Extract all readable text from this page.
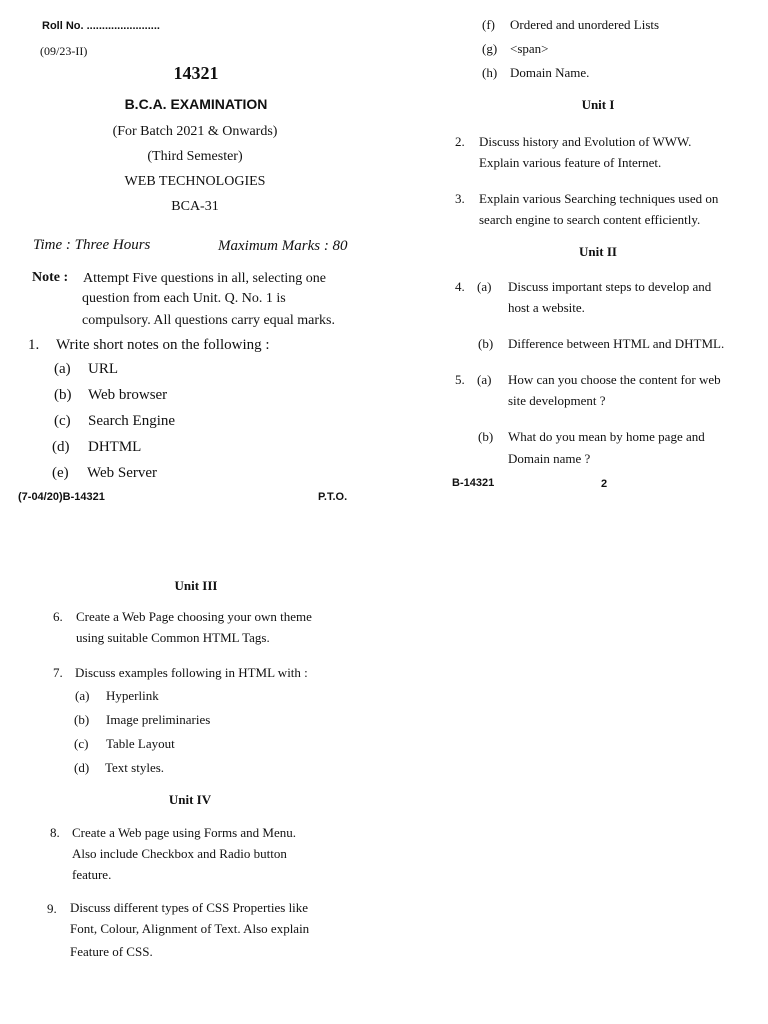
Roll No. ........................
(09/23-II)
14321
B.C.A. EXAMINATION
(For Batch 2021 & Onwards)
(Third Semester)
WEB TECHNOLOGIES
BCA-31
Time : Three Hours	Maximum Marks : 80
Note : Attempt Five questions in all, selecting one
question from each Unit. Q. No. 1 is
compulsory. All questions carry equal marks.
1. Write short notes on the following :
(a) URL
(b) Web browser
(c) Search Engine
(d) DHTML
(e) Web Server
(7-04/20)B-14321	P.T.O.
(f) Ordered and unordered Lists
(g) <span>
(h) Domain Name.
Unit I
2. Discuss history and Evolution of WWW.
Explain various feature of Internet.
3. Explain various Searching techniques used on
search engine to search content efficiently.
Unit II
4. (a) Discuss important steps to develop and
host a website.
(b) Difference between HTML and DHTML.
5. (a) How can you choose the content for web
site development ?
(b) What do you mean by home page and
Domain name ?
B-14321	2
Unit III
6. Create a Web Page choosing your own theme
using suitable Common HTML Tags.
7. Discuss examples following in HTML with :
(a) Hyperlink
(b) Image preliminaries
(c) Table Layout
(d) Text styles.
Unit IV
8. Create a Web page using Forms and Menu.
Also include Checkbox and Radio button
feature.
9. Discuss different types of CSS Properties like
Font, Colour, Alignment of Text. Also explain
Feature of CSS.
